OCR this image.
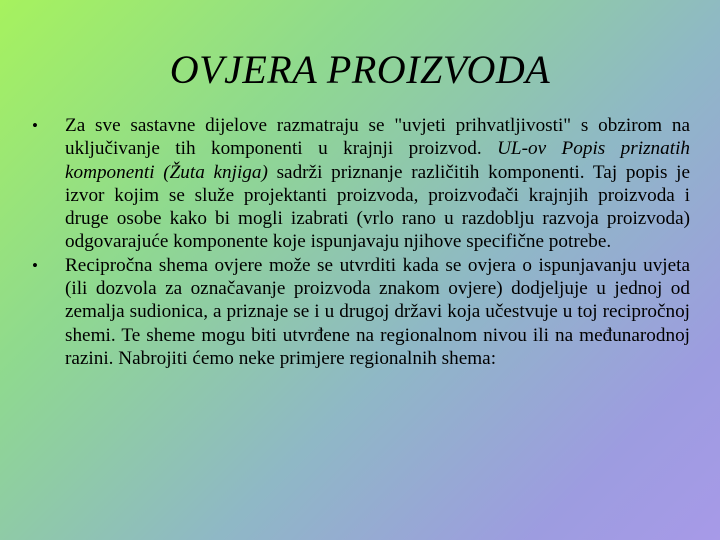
OVJERA PROIZVODA
• Za sve sastavne dijelove razmatraju se "uvjeti prihvatljivosti" s obzirom na uključivanje tih komponenti u krajnji proizvod. UL-ov Popis priznatih komponenti (Žuta knjiga) sadrži priznanje različitih komponenti. Taj popis je izvor kojim se služe projektanti proizvoda, proizvođači krajnjih proizvoda i druge osobe kako bi mogli izabrati (vrlo rano u razdoblju razvoja proizvoda) odgovarajuće komponente koje ispunjavaju njihove specifične potrebe.
• Recipročna shema ovjere može se utvrditi kada se ovjera o ispunjavanju uvjeta (ili dozvola za označavanje proizvoda znakom ovjere) dodjeljuje u jednoj od zemalja sudionica, a priznaje se i u drugoj državi koja učestvuje u toj recipročnoj shemi. Te sheme mogu biti utvrđene na regionalnom nivou ili na međunarodnoj razini. Nabrojiti ćemo neke primjere regionalnih shema:
